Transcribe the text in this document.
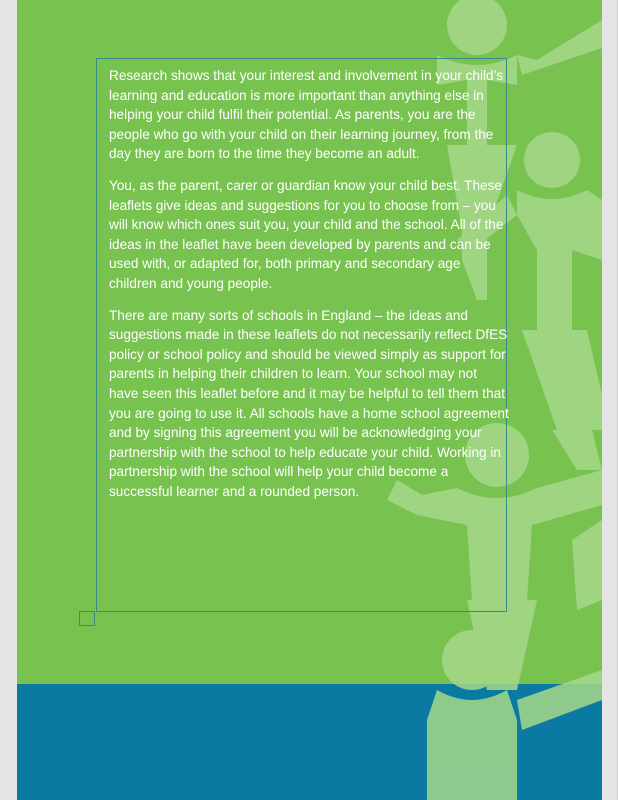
Research shows that your interest and involvement in your child’s learning and education is more important than anything else in helping your child fulfil their potential. As parents, you are the people who go with your child on their learning journey, from the day they are born to the time they become an adult.

You, as the parent, carer or guardian know your child best. These leaflets give ideas and suggestions for you to choose from – you will know which ones suit you, your child and the school. All of the ideas in the leaflet have been developed by parents and can be used with, or adapted for, both primary and secondary age children and young people.

There are many sorts of schools in England – the ideas and suggestions made in these leaflets do not necessarily reflect DfES policy or school policy and should be viewed simply as support for parents in helping their children to learn. Your school may not have seen this leaflet before and it may be helpful to tell them that you are going to use it. All schools have a home school agreement and by signing this agreement you will be acknowledging your partnership with the school to help educate your child. Working in partnership with the school will help your child become a successful learner and a rounded person.
